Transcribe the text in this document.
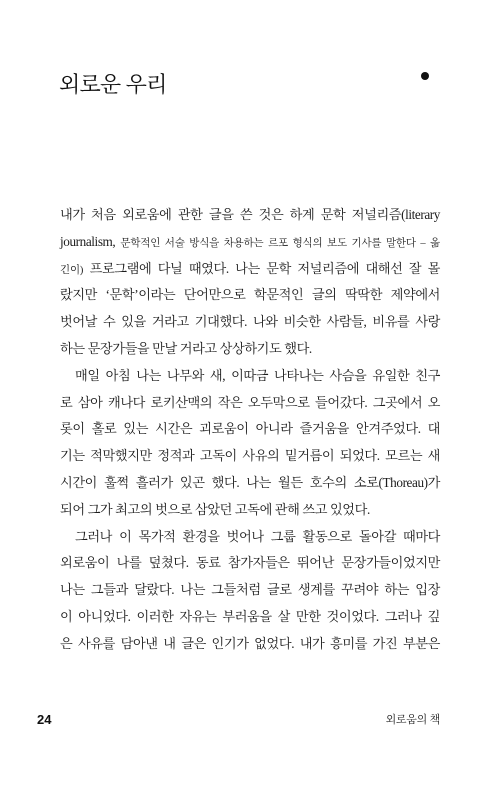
외로운 우리
내가 처음 외로움에 관한 글을 쓴 것은 하계 문학 저널리즘(literary
journalism, 문학적인 서술 방식을 차용하는 르포 형식의 보도 기사를 말한다 – 옮
긴이) 프로그램에 다닐 때였다. 나는 문학 저널리즘에 대해선 잘 몰
랐지만 ‘문학’이라는 단어만으로 학문적인 글의 딱딱한 제약에서
벗어날 수 있을 거라고 기대했다. 나와 비슷한 사람들, 비유를 사랑
하는 문장가들을 만날 거라고 상상하기도 했다.
매일 아침 나는 나무와 새, 이따금 나타나는 사슴을 유일한 친구
로 삼아 캐나다 로키산맥의 작은 오두막으로 들어갔다. 그곳에서 오
롯이 홀로 있는 시간은 괴로움이 아니라 즐거움을 안겨주었다. 대
기는 적막했지만 정적과 고독이 사유의 밑거름이 되었다. 모르는 새
시간이 훌쩍 흘러가 있곤 했다. 나는 월든 호수의 소로(Thoreau)가
되어 그가 최고의 벗으로 삼았던 고독에 관해 쓰고 있었다.
그러나 이 목가적 환경을 벗어나 그룹 활동으로 돌아갈 때마다
외로움이 나를 덮쳤다. 동료 참가자들은 뛰어난 문장가들이었지만
나는 그들과 달랐다. 나는 그들처럼 글로 생계를 꾸려야 하는 입장
이 아니었다. 이러한 자유는 부러움을 살 만한 것이었다. 그러나 깊
은 사유를 담아낸 내 글은 인기가 없었다. 내가 흥미를 가진 부분은
24	외로움의 책
